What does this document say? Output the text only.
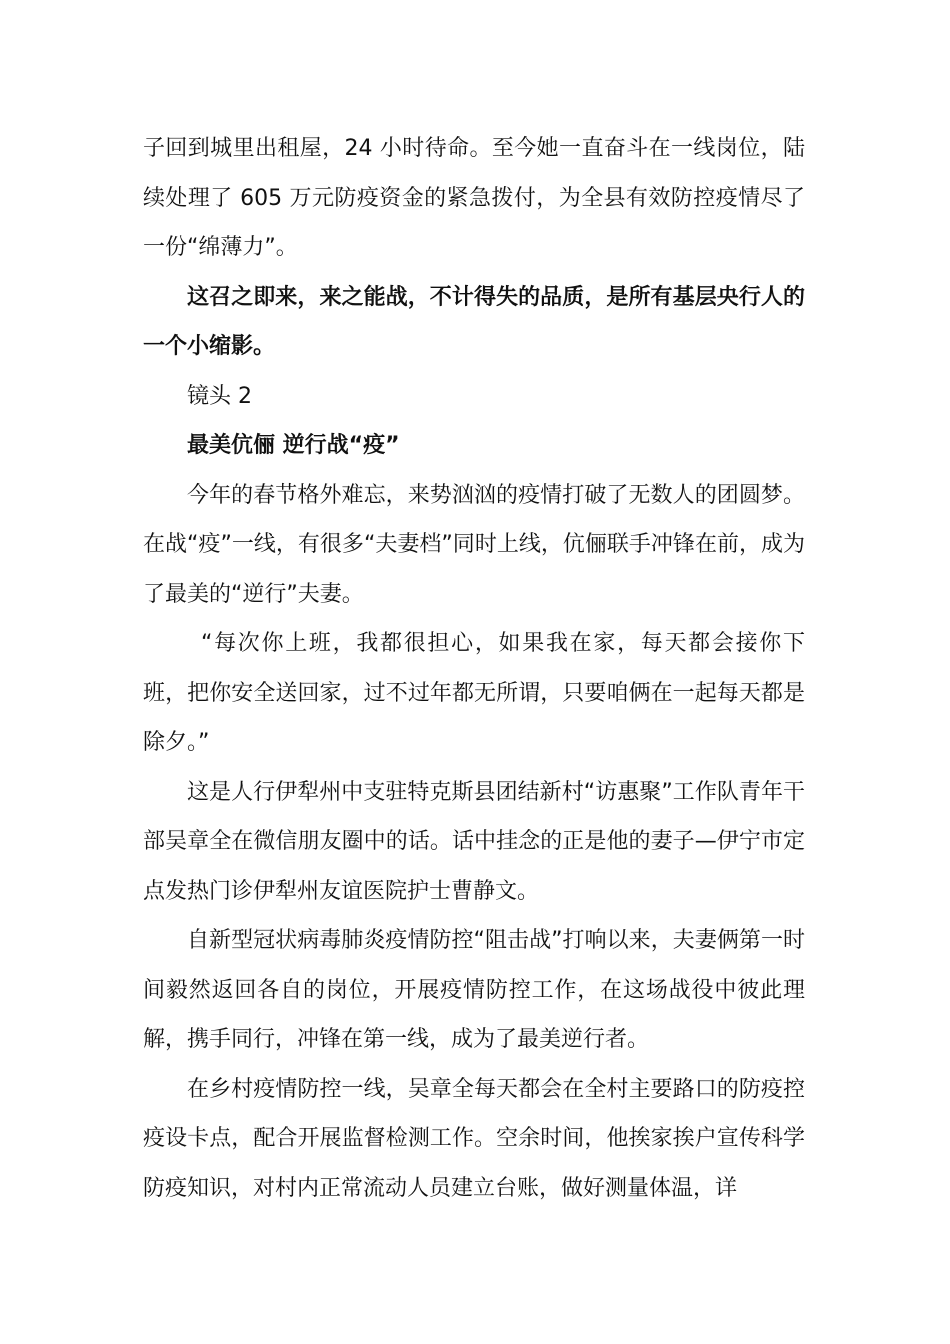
子回到城里出租屋，24 小时待命。至今她一直奋斗在一线岗位，陆续处理了 605 万元防疫资金的紧急拨付，为全县有效防控疫情尽了一份“绵薄力”。

这召之即来，来之能战，不计得失的品质，是所有基层央行人的一个小缩影。

镜头 2

最美伉俪 逆行战“疫”

今年的春节格外难忘，来势汹汹的疫情打破了无数人的团圆梦。在战“疫”一线，有很多“夫妻档”同时上线，伉俪联手冲锋在前，成为了最美的“逆行”夫妻。

“每次你上班，我都很担心，如果我在家，每天都会接你下班，把你安全送回家，过不过年都无所谓，只要咱俩在一起每天都是除夕。”

这是人行伊犁州中支驻特克斯县团结新村“访惠聚”工作队青年干部吴章全在微信朋友圈中的话。话中挂念的正是他的妻子—伊宁市定点发热门诊伊犁州友谊医院护士曹静文。

自新型冠状病毒肺炎疫情防控“阻击战”打响以来，夫妻俩第一时间毅然返回各自的岗位，开展疫情防控工作，在这场战役中彼此理解，携手同行，冲锋在第一线，成为了最美逆行者。

在乡村疫情防控一线，吴章全每天都会在全村主要路口的防疫控疫设卡点，配合开展监督检测工作。空余时间，他挨家挨户宣传科学防疫知识，对村内正常流动人员建立台账，做好测量体温，详
